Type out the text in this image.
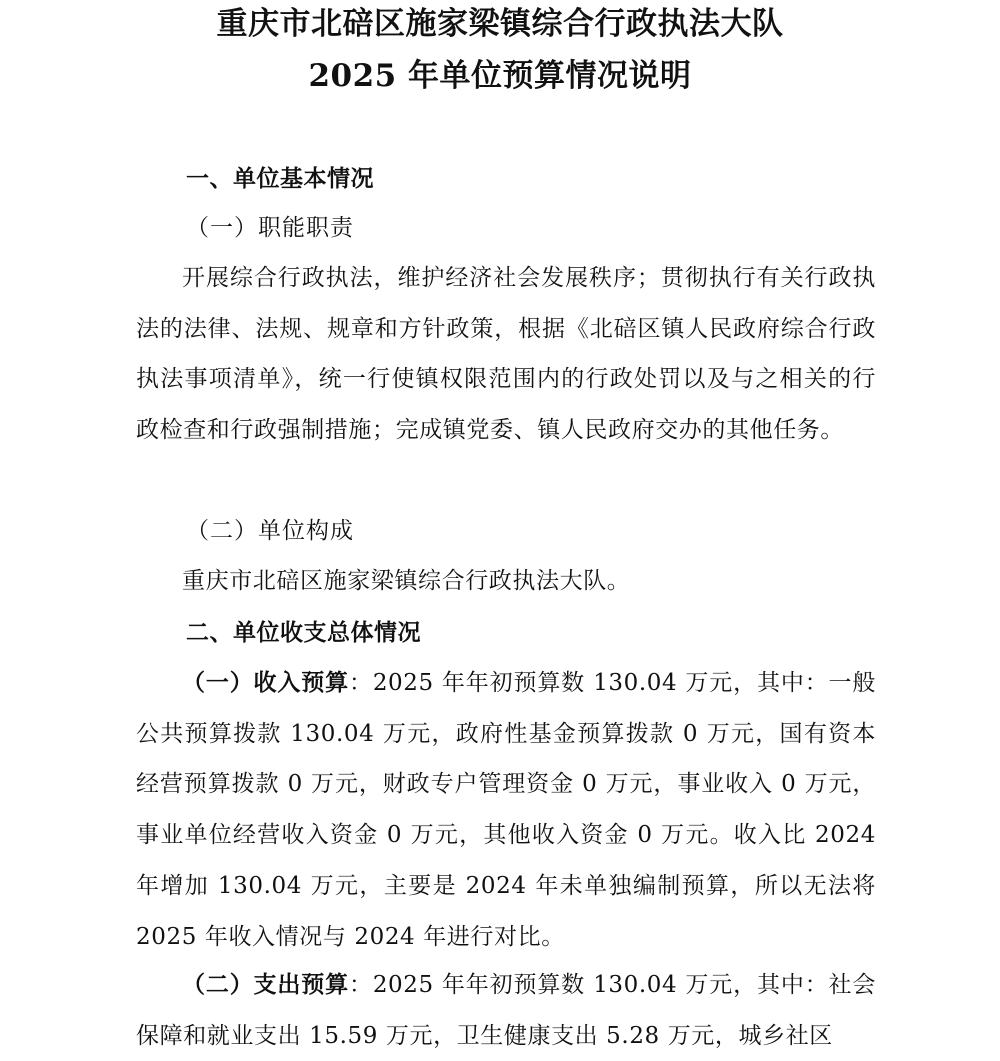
重庆市北碚区施家梁镇综合行政执法大队
2025 年单位预算情况说明
一、单位基本情况
（一）职能职责

开展综合行政执法，维护经济社会发展秩序；贯彻执行有关行政执法的法律、法规、规章和方针政策，根据《北碚区镇人民政府综合行政执法事项清单》，统一行使镇权限范围内的行政处罚以及与之相关的行政检查和行政强制措施；完成镇党委、镇人民政府交办的其他任务。

（二）单位构成

重庆市北碚区施家梁镇综合行政执法大队。

二、单位收支总体情况

（一）收入预算：2025 年年初预算数 130.04 万元，其中：一般公共预算拨款 130.04 万元，政府性基金预算拨款 0 万元，国有资本经营预算拨款 0 万元，财政专户管理资金 0 万元，事业收入 0 万元，事业单位经营收入资金 0 万元，其他收入资金 0 万元。收入比 2024 年增加 130.04 万元，主要是 2024 年未单独编制预算，所以无法将 2025 年收入情况与 2024 年进行对比。

（二）支出预算：2025 年年初预算数 130.04 万元，其中：社会保障和就业支出 15.59 万元，卫生健康支出 5.28 万元，城乡社区
